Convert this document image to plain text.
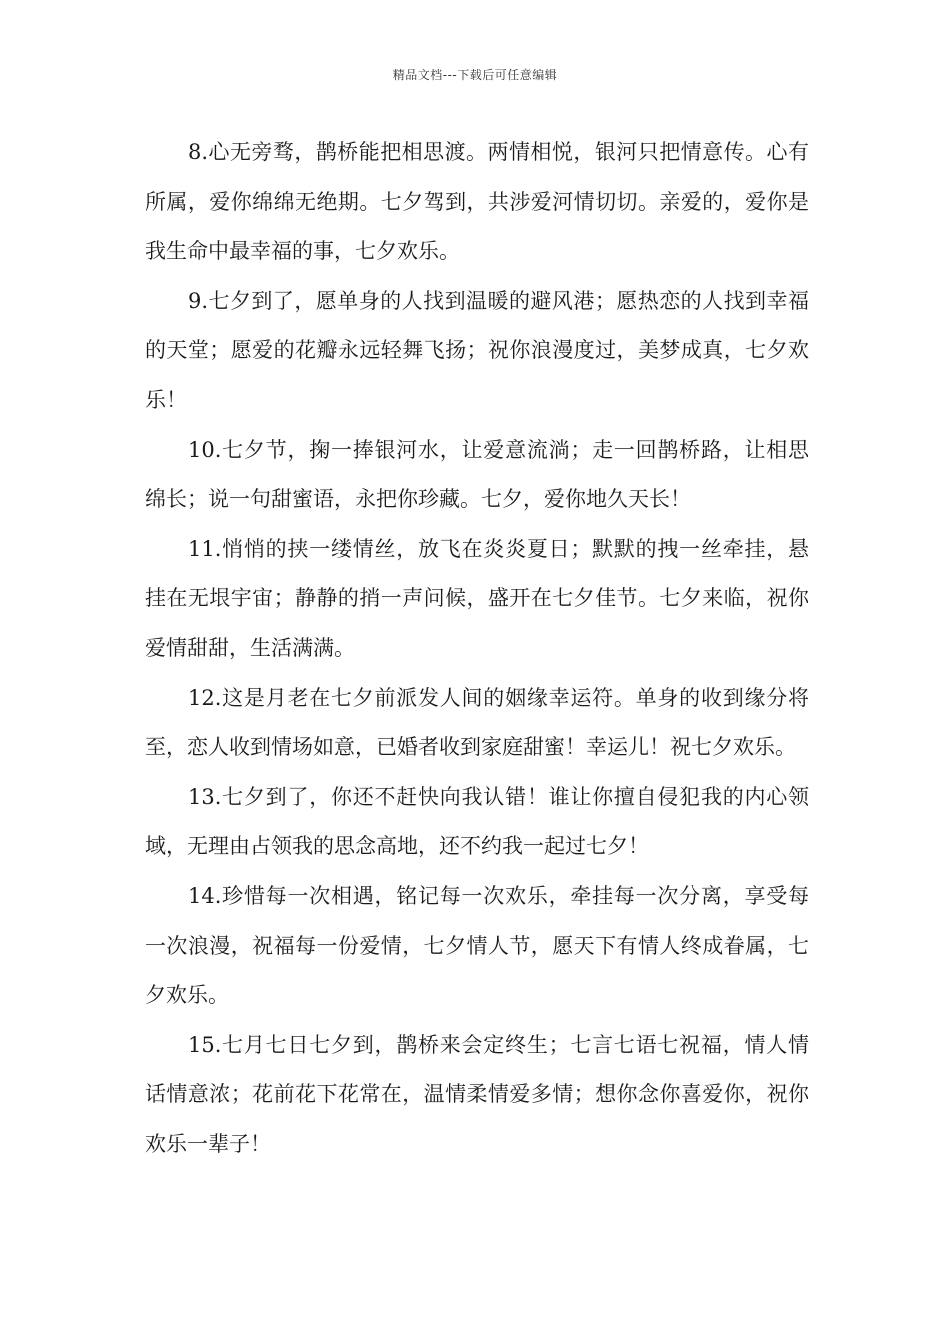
精品文档---下载后可任意编辑

8.心无旁骛，鹊桥能把相思渡。两情相悦，银河只把情意传。心有所属，爱你绵绵无绝期。七夕驾到，共涉爱河情切切。亲爱的，爱你是我生命中最幸福的事，七夕欢乐。

9.七夕到了，愿单身的人找到温暖的避风港；愿热恋的人找到幸福的天堂；愿爱的花瓣永远轻舞飞扬；祝你浪漫度过，美梦成真，七夕欢乐！

10.七夕节，掬一捧银河水，让爱意流淌；走一回鹊桥路，让相思绵长；说一句甜蜜语，永把你珍藏。七夕，爱你地久天长！

11.悄悄的挟一缕情丝，放飞在炎炎夏日；默默的拽一丝牵挂，悬挂在无垠宇宙；静静的捎一声问候，盛开在七夕佳节。七夕来临，祝你爱情甜甜，生活满满。

12.这是月老在七夕前派发人间的姻缘幸运符。单身的收到缘分将至，恋人收到情场如意，已婚者收到家庭甜蜜！幸运儿！祝七夕欢乐。

13.七夕到了，你还不赶快向我认错！谁让你擅自侵犯我的内心领域，无理由占领我的思念高地，还不约我一起过七夕！

14.珍惜每一次相遇，铭记每一次欢乐，牵挂每一次分离，享受每一次浪漫，祝福每一份爱情，七夕情人节，愿天下有情人终成眷属，七夕欢乐。

15.七月七日七夕到，鹊桥来会定终生；七言七语七祝福，情人情话情意浓；花前花下花常在，温情柔情爱多情；想你念你喜爱你，祝你欢乐一辈子！
